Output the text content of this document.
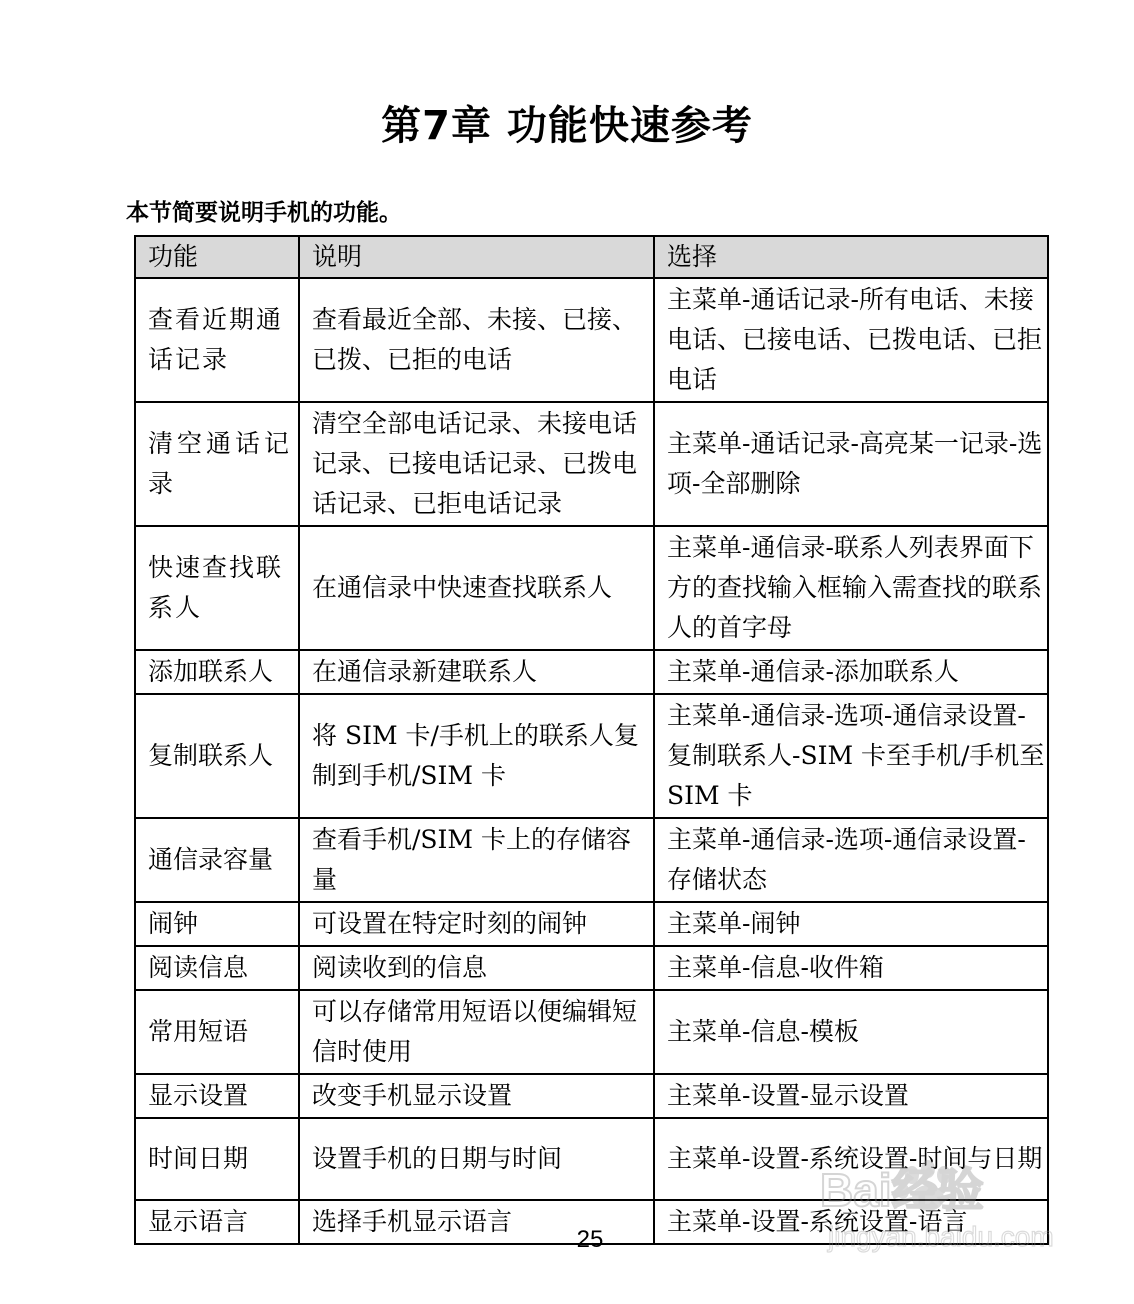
第7章 功能快速参考
本节简要说明手机的功能。
功能	说明	选择
查看近期通话记录	查看最近全部、未接、已接、已拨、已拒的电话	主菜单-通话记录-所有电话、未接电话、已接电话、已拨电话、已拒电话
清空通话记录	清空全部电话记录、未接电话记录、已接电话记录、已拨电话记录、已拒电话记录	主菜单-通话记录-高亮某一记录-选项-全部删除
快速查找联系人	在通信录中快速查找联系人	主菜单-通信录-联系人列表界面下方的查找输入框输入需查找的联系人的首字母
添加联系人	在通信录新建联系人	主菜单-通信录-添加联系人
复制联系人	将 SIM 卡/手机上的联系人复制到手机/SIM 卡	主菜单-通信录-选项-通信录设置-复制联系人-SIM 卡至手机/手机至 SIM 卡
通信录容量	查看手机/SIM 卡上的存储容量	主菜单-通信录-选项-通信录设置-存储状态
闹钟	可设置在特定时刻的闹钟	主菜单-闹钟
阅读信息	阅读收到的信息	主菜单-信息-收件箱
常用短语	可以存储常用短语以便编辑短信时使用	主菜单-信息-模板
显示设置	改变手机显示设置	主菜单-设置-显示设置
时间日期	设置手机的日期与时间	主菜单-设置-系统设置-时间与日期
显示语言	选择手机显示语言	主菜单-设置-系统设置-语言
25
Bai经验
jingyan.baidu.com
